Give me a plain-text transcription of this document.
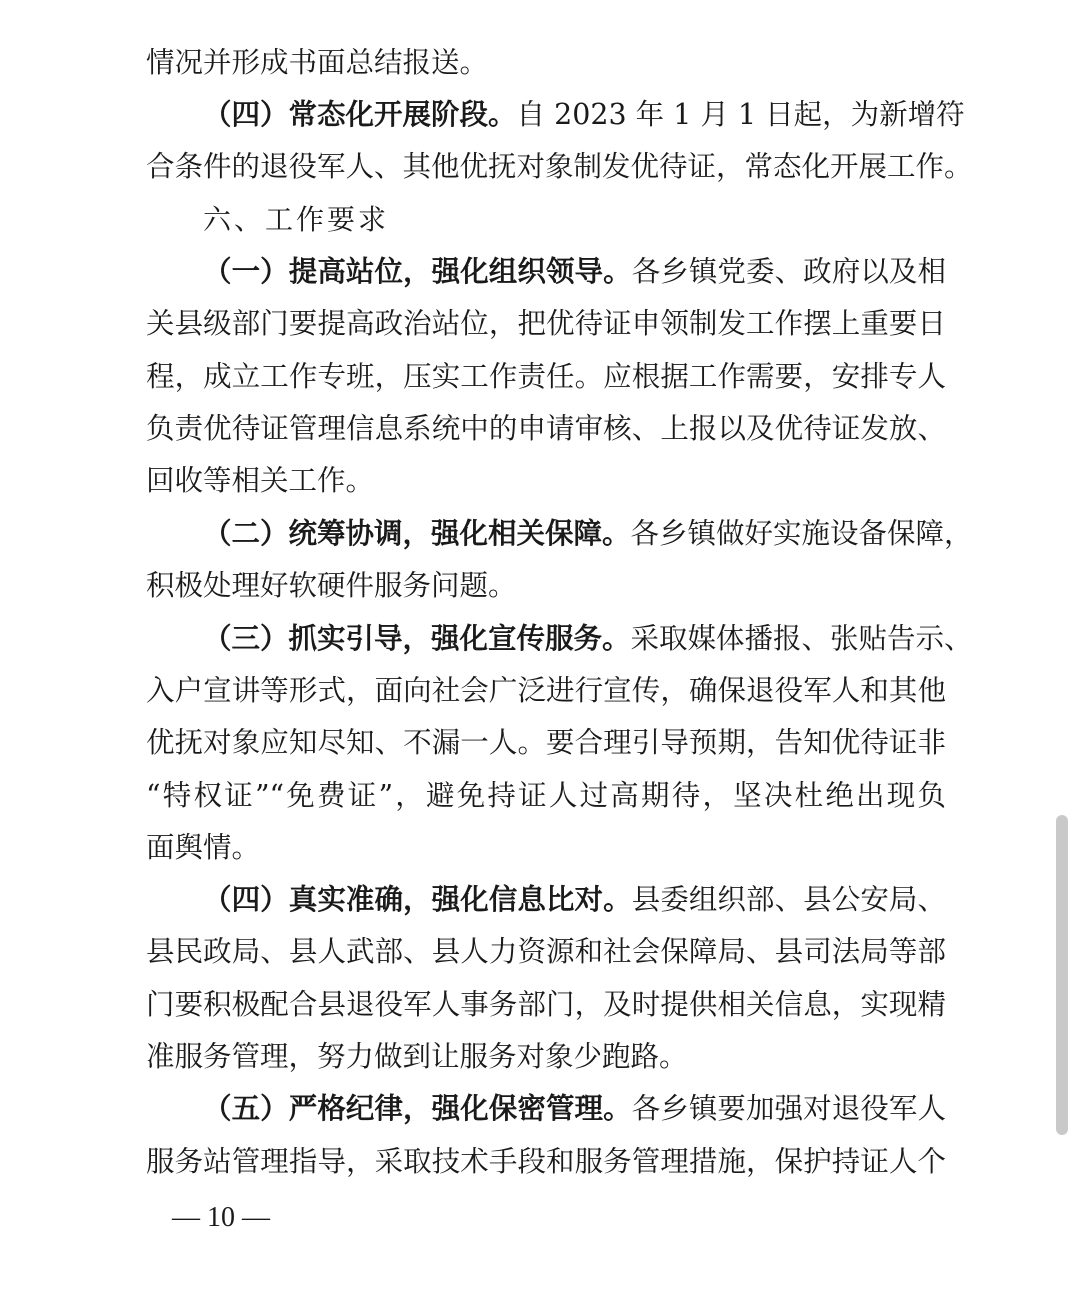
情况并形成书面总结报送。
（四）常态化开展阶段。自 2023 年 1 月 1 日起，为新增符
合条件的退役军人、其他优抚对象制发优待证，常态化开展工作。
六、工作要求
（一）提高站位，强化组织领导。各乡镇党委、政府以及相
关县级部门要提高政治站位，把优待证申领制发工作摆上重要日
程，成立工作专班，压实工作责任。应根据工作需要，安排专人
负责优待证管理信息系统中的申请审核、上报以及优待证发放、
回收等相关工作。
（二）统筹协调，强化相关保障。各乡镇做好实施设备保障，
积极处理好软硬件服务问题。
（三）抓实引导，强化宣传服务。采取媒体播报、张贴告示、
入户宣讲等形式，面向社会广泛进行宣传，确保退役军人和其他
优抚对象应知尽知、不漏一人。要合理引导预期，告知优待证非
“特权证”“免费证”，避免持证人过高期待，坚决杜绝出现负
面舆情。
（四）真实准确，强化信息比对。县委组织部、县公安局、
县民政局、县人武部、县人力资源和社会保障局、县司法局等部
门要积极配合县退役军人事务部门，及时提供相关信息，实现精
准服务管理，努力做到让服务对象少跑路。
（五）严格纪律，强化保密管理。各乡镇要加强对退役军人
服务站管理指导，采取技术手段和服务管理措施，保护持证人个
— 10 —
